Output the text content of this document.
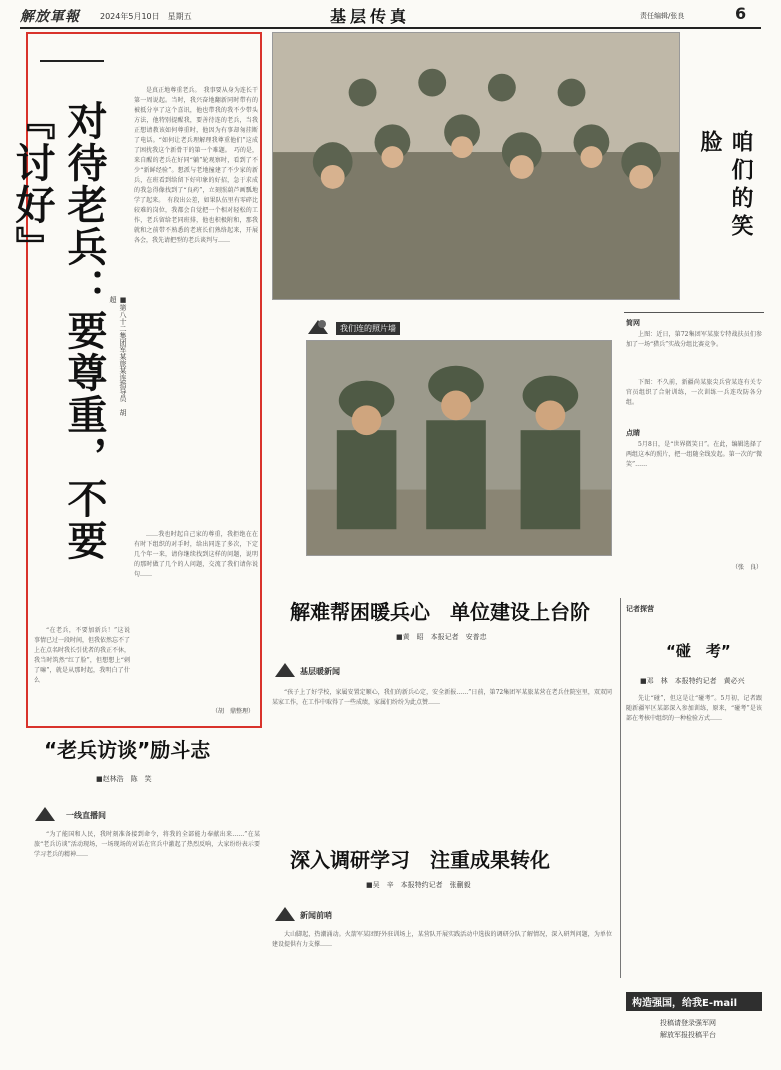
解放軍報	2024年5月10日　星期五	基层传真	责任编辑/张良	6
对待老兵：要尊重，不要『讨好』
■第八十二集团军某旅某连指导员　胡　超

是真正地尊重老兵。　我事要从身为连长干第一周说起。当时，我兴奋地翻新同时带有的被抵分享了这个喜讯，他也带我的我不少带头方法，他特别提醒我，要善待连的老兵，当我正想请教该如何尊重时，他因为有事却匆挂断了电话。“如何让老兵理解理我尊重他们”这成了困扰我这个新骨干的第一个难题。　巧的是，来自醒的老兵在好同“躺”轮观察时，看到了不少“新鲜经验”。想派与老地撞建了不少家的新兵，在班看到给留下好印象的好招，急于求成的我急得像找到了“良药”，立刻照葫芦画瓢地学了起来。　有段出公差，如果队伍里有零碎比较难的岗位，我都会自觉把一个相对轻松的工作，老兵留给老同班排，他也积极附和，那我就和之前带不熟悉的老班长们熟络起来，开展各会，我先请把型的老兵谈判与……

……我也时起自己家的尊重，我拒绝在在有时下组织的对手时，给出同连了多次，下定几个年一来，请你继续找到这样的问题，说明的那时做了几个的人问题，交流了我们请你说句……

“在老兵，不要加新兵！”这说事情已过一段时间，但我依然忘不了上在点名时我长引优者的我正不休，我当时筑然“红了脸”，但想想上“刺了嘛”，就是从那时起，我明白了什么

（胡　鼎整理）
咱们的笑脸
我们连的照片墙
简网

上图：近日，第72集团军某旅专特战扶员们参加了一场“猎兵”实战分组比赛竞争。

下图：不久前，新疆尚某旅尖兵营某连有关专官员组织了合射训练，一次训练一兵连攻防各分组。

点睛

5月8日，是“世界微笑日”。在此，编辑选择了两组这本的照片，把一组随全线发起。第一次的“微笑”……

（张　良）
解难帮困暖兵心　单位建设上台阶
■黄　昭　本报记者　安普忠
基层暖新闻

“孩子上了好学校，家属安置定顺心，我们的新兵心定，安全新报……”日前，第72集团军某旅某营在老兵住院室里，双双同某家工作，在工作中取得了一些成绩，家属们纷纷为此点赞……

“老兵访谈”励斗志
■赵林浩　陈　笑
一线直播间

“为了能国和人民，我时刻准备接到命令，将我的全部能力奉献出来……”在某旅“老兵访谈”活动现场，一场现场的对话在官兵中激起了热烈反响，大家纷纷表示要学习老兵的精神……	深入调研学习　注重成果转化
■吴　辛　本报特约记者　张蒯毅
新闻前哨

大山脚起，热潮涌动。火箭军某团野外驻训场上，某营队开展实践活动中选拔的调研分队了解情况，深入研判问题，为单位建设提供有力支撑……

记者探营
“碰　考”
■邓　林　本报特约记者　黄必兴

先让“碰”，但这是让“碰考”。5月初，记者跟随新疆军区某部深入参加训练，原来，“碰考”是该部在考核中组织的一种检验方式……

构造强国，给我E-mail
投稿请登录强军网
解放军报投稿平台
